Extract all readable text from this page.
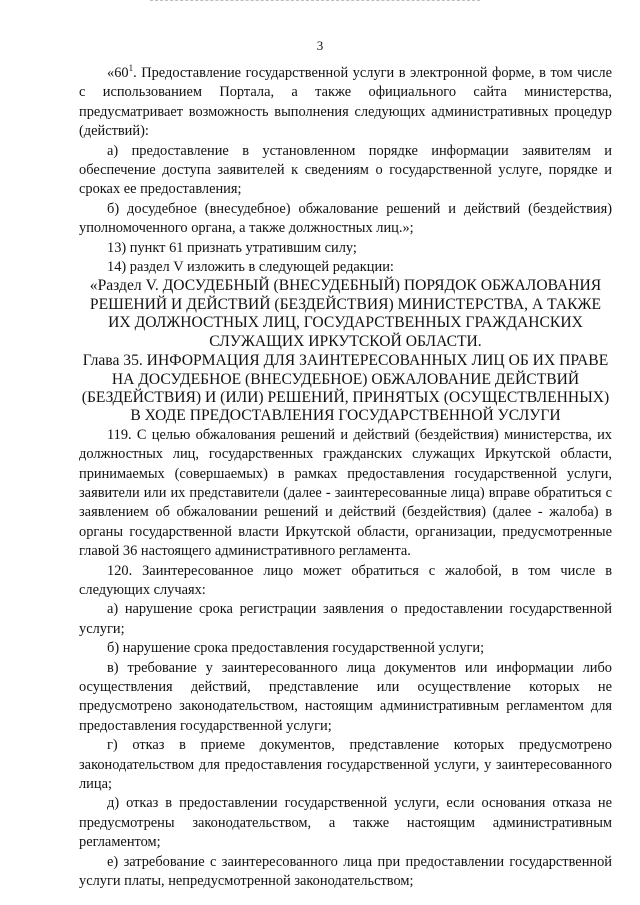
3

«$60^1$. Предоставление государственной услуги в электронной форме, в том числе с использованием Портала, а также официального сайта министерства, предусматривает возможность выполнения следующих административных процедур (действий):

а) предоставление в установленном порядке информации заявителям и обеспечение доступа заявителей к сведениям о государственной услуге, порядке и сроках ее предоставления;

б) досудебное (внесудебное) обжалование решений и действий (бездействия) уполномоченного органа, а также должностных лиц.»;

13) пункт 61 признать утратившим силу;

14) раздел V изложить в следующей редакции:

«Раздел V. ДОСУДЕБНЫЙ (ВНЕСУДЕБНЫЙ) ПОРЯДОК ОБЖАЛОВАНИЯ РЕШЕНИЙ И ДЕЙСТВИЙ (БЕЗДЕЙСТВИЯ) МИНИСТЕРСТВА, А ТАКЖЕ ИХ ДОЛЖНОСТНЫХ ЛИЦ, ГОСУДАРСТВЕННЫХ ГРАЖДАНСКИХ СЛУЖАЩИХ ИРКУТСКОЙ ОБЛАСТИ.

Глава 35. ИНФОРМАЦИЯ ДЛЯ ЗАИНТЕРЕСОВАННЫХ ЛИЦ ОБ ИХ ПРАВЕ НА ДОСУДЕБНОЕ (ВНЕСУДЕБНОЕ) ОБЖАЛОВАНИЕ ДЕЙСТВИЙ (БЕЗДЕЙСТВИЯ) И (ИЛИ) РЕШЕНИЙ, ПРИНЯТЫХ (ОСУЩЕСТВЛЕННЫХ) В ХОДЕ ПРЕДОСТАВЛЕНИЯ ГОСУДАРСТВЕННОЙ УСЛУГИ

119. С целью обжалования решений и действий (бездействия) министерства, их должностных лиц, государственных гражданских служащих Иркутской области, принимаемых (совершаемых) в рамках предоставления государственной услуги, заявители или их представители (далее - заинтересованные лица) вправе обратиться с заявлением об обжаловании решений и действий (бездействия) (далее - жалоба) в органы государственной власти Иркутской области, организации, предусмотренные главой 36 настоящего административного регламента.

120. Заинтересованное лицо может обратиться с жалобой, в том числе в следующих случаях:

а) нарушение срока регистрации заявления о предоставлении государственной услуги;

б) нарушение срока предоставления государственной услуги;

в) требование у заинтересованного лица документов или информации либо осуществления действий, представление или осуществление которых не предусмотрено законодательством, настоящим административным регламентом для предоставления государственной услуги;

г) отказ в приеме документов, представление которых предусмотрено законодательством для предоставления государственной услуги, у заинтересованного лица;

д) отказ в предоставлении государственной услуги, если основания отказа не предусмотрены законодательством, а также настоящим административным регламентом;

е) затребование с заинтересованного лица при предоставлении государственной услуги платы, непредусмотренной законодательством;
